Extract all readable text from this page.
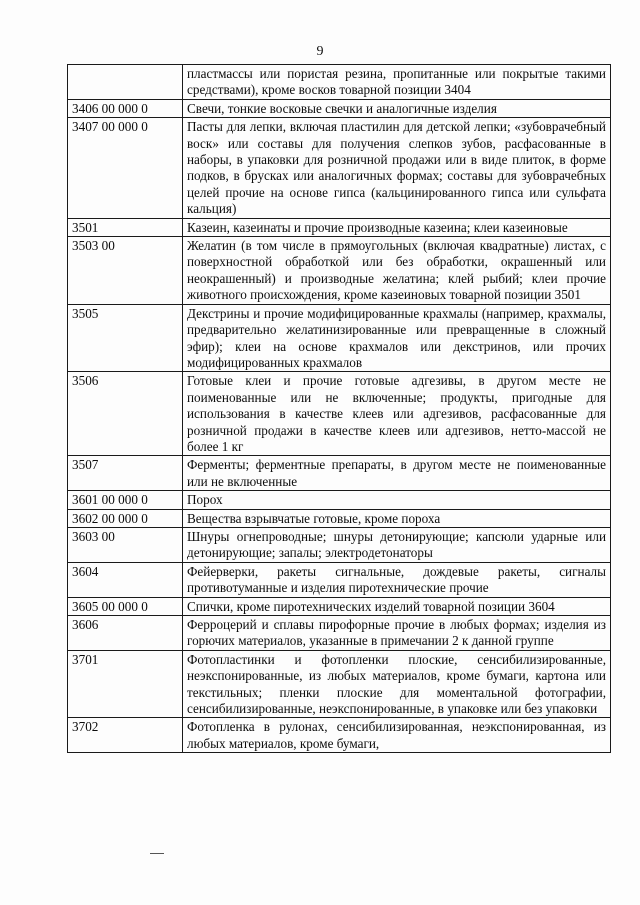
9
	пластмассы или пористая резина, пропитанные или покрытые такими средствами), кроме восков товарной позиции 3404
3406 00 000 0	Свечи, тонкие восковые свечки и аналогичные изделия
3407 00 000 0	Пасты для лепки, включая пластилин для детской лепки; «зубоврачебный воск» или составы для получения слепков зубов, расфасованные в наборы, в упаковки для розничной продажи или в виде плиток, в форме подков, в брусках или аналогичных формах; составы для зубоврачебных целей прочие на основе гипса (кальцинированного гипса или сульфата кальция)
3501	Казеин, казеинаты и прочие производные казеина; клеи казеиновые
3503 00	Желатин (в том числе в прямоугольных (включая квадратные) листах, с поверхностной обработкой или без обработки, окрашенный или неокрашенный) и производные желатина; клей рыбий; клеи прочие животного происхождения, кроме казеиновых товарной позиции 3501
3505	Декстрины и прочие модифицированные крахмалы (например, крахмалы, предварительно желатинизированные или превращенные в сложный эфир); клеи на основе крахмалов или декстринов, или прочих модифицированных крахмалов
3506	Готовые клеи и прочие готовые адгезивы, в другом месте не поименованные или не включенные; продукты, пригодные для использования в качестве клеев или адгезивов, расфасованные для розничной продажи в качестве клеев или адгезивов, нетто-массой не более 1 кг
3507	Ферменты; ферментные препараты, в другом месте не поименованные или не включенные
3601 00 000 0	Порох
3602 00 000 0	Вещества взрывчатые готовые, кроме пороха
3603 00	Шнуры огнепроводные; шнуры детонирующие; капсюли ударные или детонирующие; запалы; электродетонаторы
3604	Фейерверки, ракеты сигнальные, дождевые ракеты, сигналы противотуманные и изделия пиротехнические прочие
3605 00 000 0	Спички, кроме пиротехнических изделий товарной позиции 3604
3606	Ферроцерий и сплавы пирофорные прочие в любых формах; изделия из горючих материалов, указанные в примечании 2 к данной группе
3701	Фотопластинки и фотопленки плоские, сенсибилизированные, неэкспонированные, из любых материалов, кроме бумаги, картона или текстильных; пленки плоские для моментальной фотографии, сенсибилизированные, неэкспонированные, в упаковке или без упаковки
3702	Фотопленка в рулонах, сенсибилизированная, неэкспонированная, из любых материалов, кроме бумаги,
